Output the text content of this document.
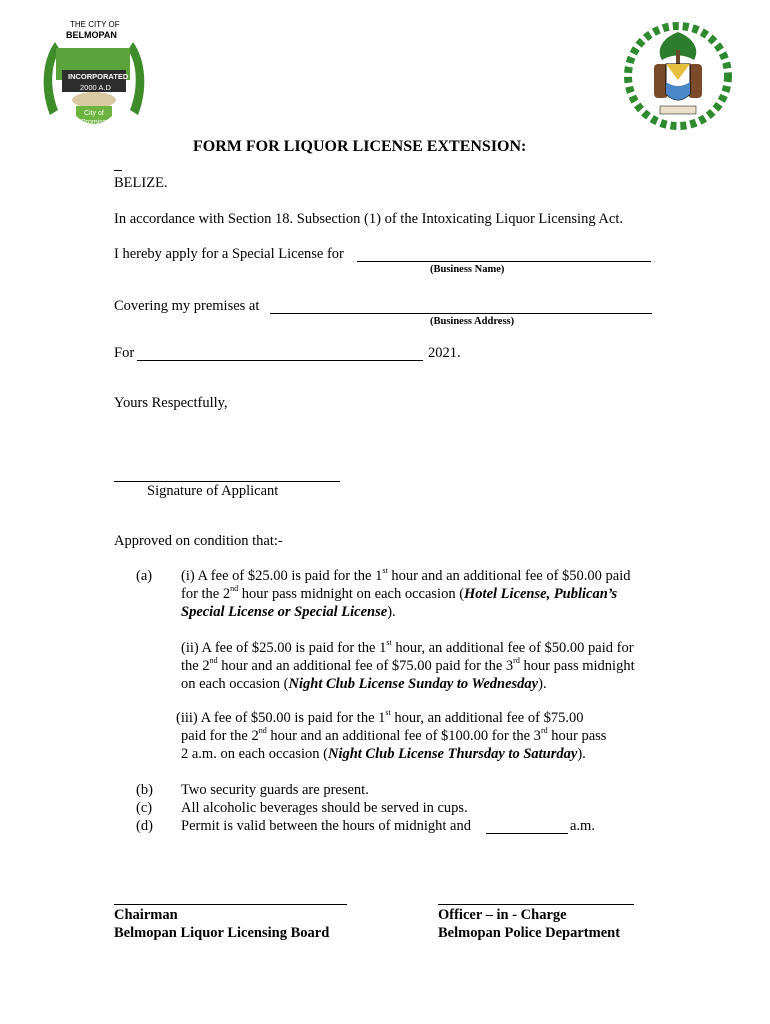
THE CITY OF
BELMOPAN
INCORPORATED
2000 A.D
City of
Promise
FORM FOR LIQUOR LICENSE EXTENSION:
BELIZE.
In accordance with Section 18. Subsection (1) of the Intoxicating Liquor Licensing Act.
I hereby apply for a Special License for
(Business Name)
Covering my premises at
(Business Address)
For	2021.
Yours Respectfully,
Signature of Applicant
Approved on condition that:-
(a) (i) A fee of $25.00 is paid for the 1st hour and an additional fee of $50.00 paid
for the 2nd hour pass midnight on each occasion (Hotel License, Publican’s
Special License or Special License).
(ii) A fee of $25.00 is paid for the 1st hour, an additional fee of $50.00 paid for
the 2nd hour and an additional fee of $75.00 paid for the 3rd hour pass midnight
on each occasion (Night Club License Sunday to Wednesday).
(iii) A fee of $50.00 is paid for the 1st hour, an additional fee of $75.00
paid for the 2nd hour and an additional fee of $100.00 for the 3rd hour pass
2 a.m. on each occasion (Night Club License Thursday to Saturday).
(b) Two security guards are present.
(c) All alcoholic beverages should be served in cups.
(d) Permit is valid between the hours of midnight and	a.m.
Chairman
Belmopan Liquor Licensing Board
Officer – in - Charge
Belmopan Police Department
